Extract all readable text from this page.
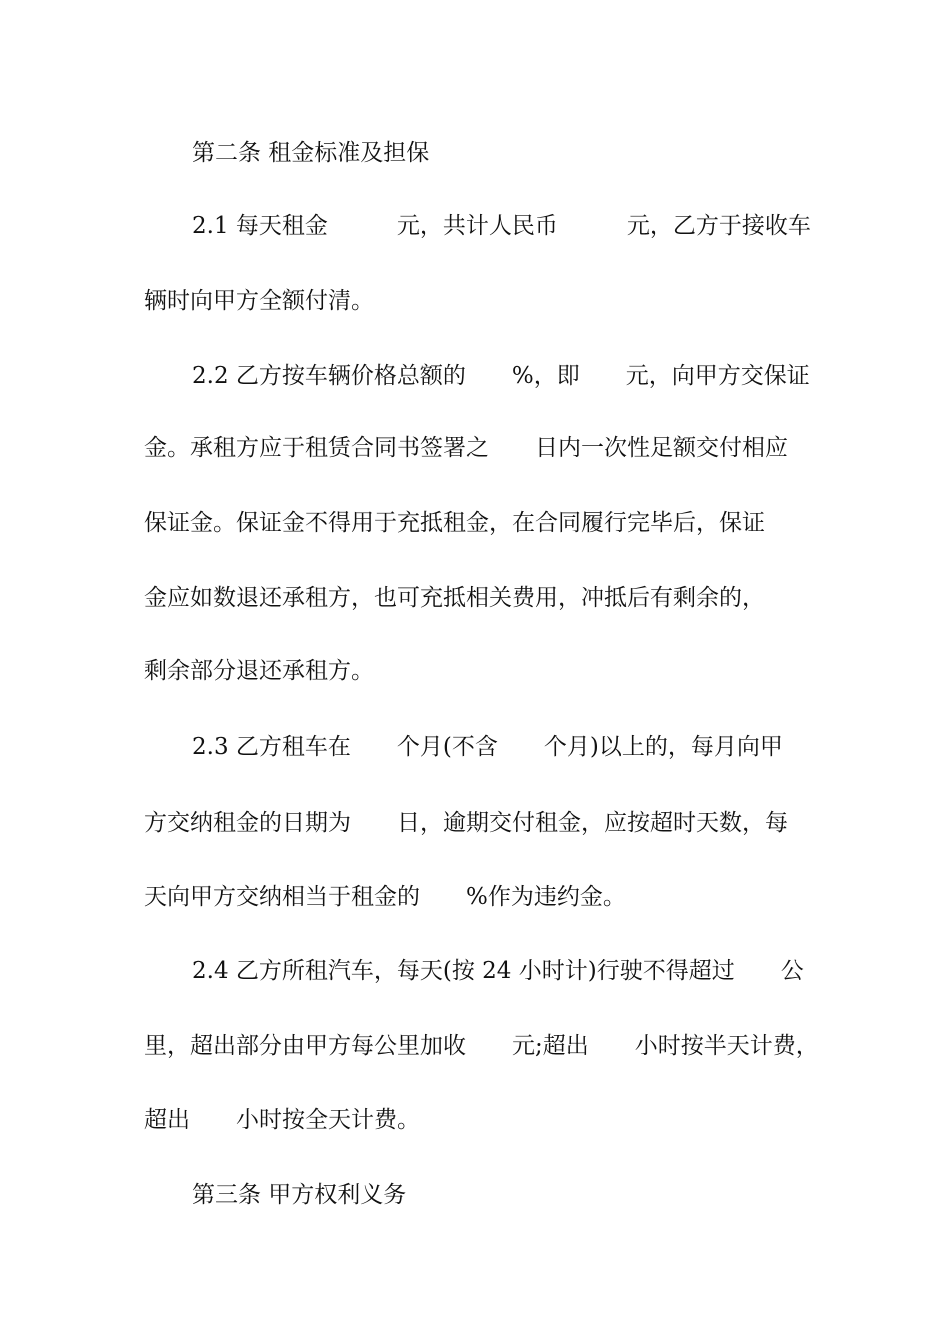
第二条 租金标准及担保
2.1 每天租金　　　元，共计人民币　　　元，乙方于接收车
辆时向甲方全额付清。
2.2 乙方按车辆价格总额的　　%，即　　元，向甲方交保证
金。承租方应于租赁合同书签署之　　日内一次性足额交付相应
保证金。保证金不得用于充抵租金，在合同履行完毕后，保证
金应如数退还承租方，也可充抵相关费用，冲抵后有剩余的，
剩余部分退还承租方。
2.3 乙方租车在　　个月(不含　　个月)以上的，每月向甲
方交纳租金的日期为　　日，逾期交付租金，应按超时天数，每
天向甲方交纳相当于租金的　　%作为违约金。
2.4 乙方所租汽车，每天(按 24 小时计)行驶不得超过　　公
里，超出部分由甲方每公里加收　　元;超出　　小时按半天计费，
超出　　小时按全天计费。
第三条 甲方权利义务
